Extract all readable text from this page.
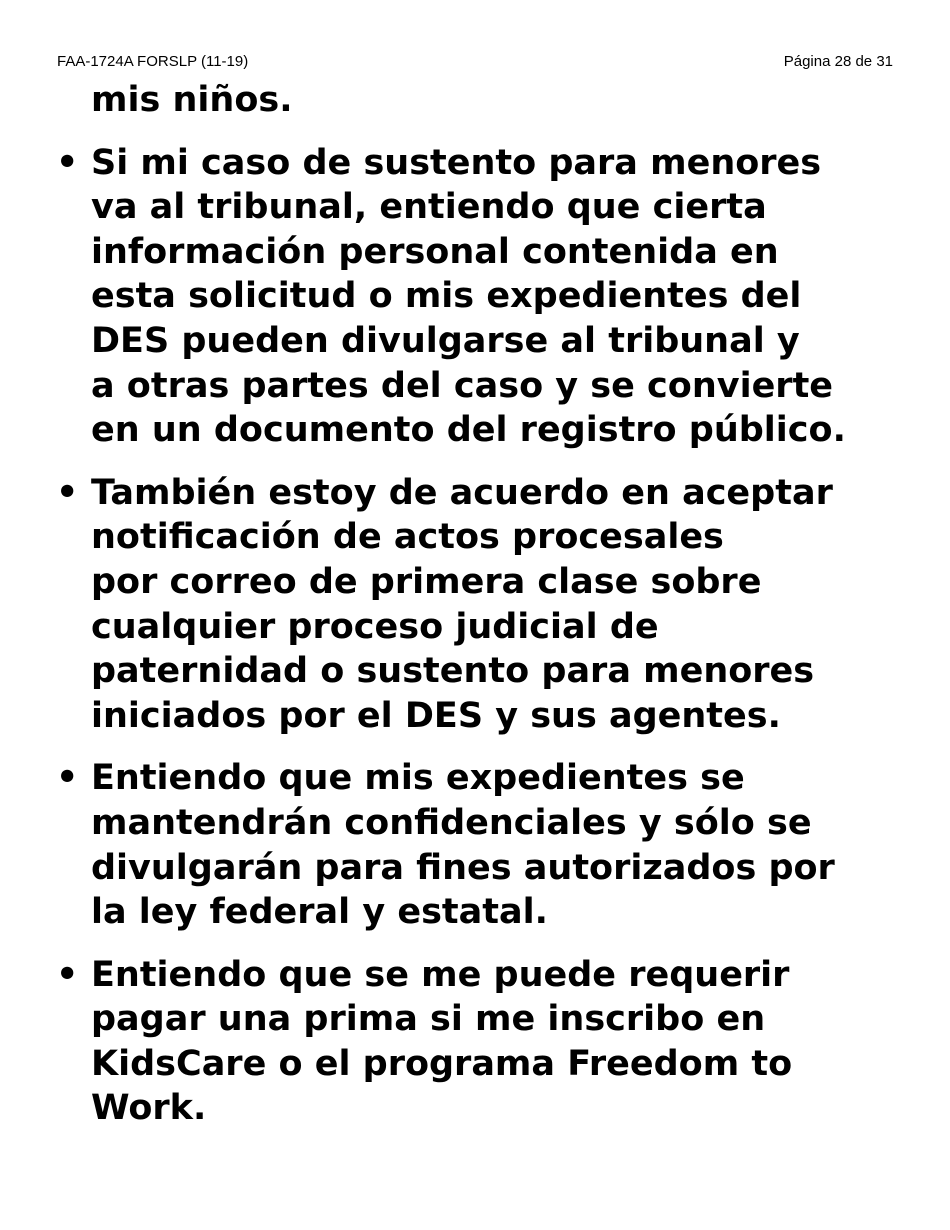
FAA-1724A FORSLP (11-19)	Página 28 de 31
mis niños.
• Si mi caso de sustento para menores
va al tribunal, entiendo que cierta
información personal contenida en
esta solicitud o mis expedientes del
DES pueden divulgarse al tribunal y
a otras partes del caso y se convierte
en un documento del registro público.
• También estoy de acuerdo en aceptar
notificación de actos procesales
por correo de primera clase sobre
cualquier proceso judicial de
paternidad o sustento para menores
iniciados por el DES y sus agentes.
• Entiendo que mis expedientes se
mantendrán confidenciales y sólo se
divulgarán para fines autorizados por
la ley federal y estatal.
• Entiendo que se me puede requerir
pagar una prima si me inscribo en
KidsCare o el programa Freedom to
Work.
